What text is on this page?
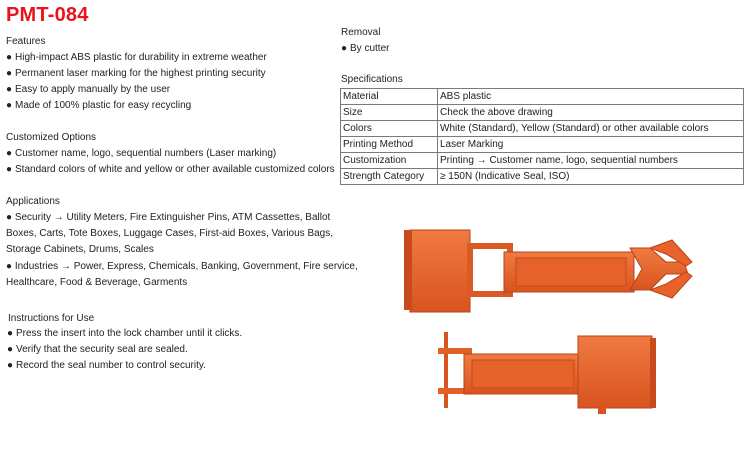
PMT-084
Features
● High-impact ABS plastic for durability in extreme weather
● Permanent laser marking for the highest printing security
● Easy to apply manually by the user
● Made of 100% plastic for easy recycling
Customized Options
● Customer name, logo, sequential numbers (Laser marking)
● Standard colors of white and yellow or other available customized colors
Applications
● Security → Utility Meters, Fire Extinguisher Pins, ATM Cassettes, Ballot Boxes, Carts, Tote Boxes, Luggage Cases, First-aid Boxes, Various Bags, Storage Cabinets, Drums, Scales
● Industries → Power, Express, Chemicals, Banking, Government, Fire service, Healthcare, Food & Beverage, Garments
Instructions for Use
● Press the insert into the lock chamber until it clicks.
● Verify that the security seal are sealed.
● Record the seal number to control security.
Removal
● By cutter
Specifications
Material	ABS plastic
Size	Check the above drawing
Colors	White (Standard), Yellow (Standard) or other available colors
Printing Method	Laser Marking
Customization	Printing → Customer name, logo, sequential numbers
Strength Category	≥ 150N (Indicative Seal, ISO)
